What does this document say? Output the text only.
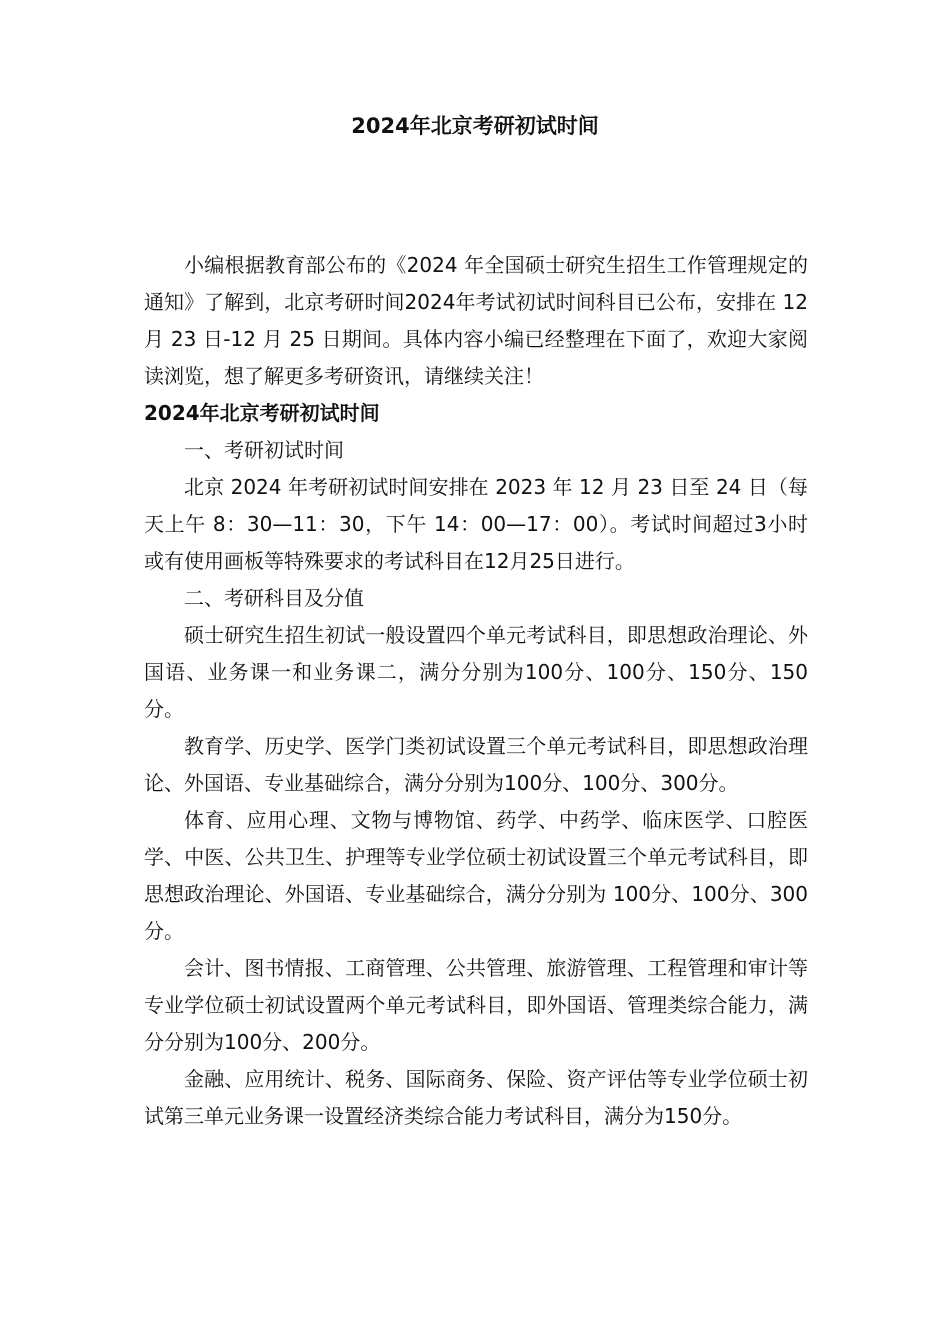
2024年北京考研初试时间

小编根据教育部公布的《2024 年全国硕士研究生招生工作管理规定的通知》了解到，北京考研时间2024年考试初试时间科目已公布，安排在 12 月 23 日-12 月 25 日期间。具体内容小编已经整理在下面了，欢迎大家阅读浏览，想了解更多考研资讯，请继续关注！

2024年北京考研初试时间

一、考研初试时间

北京 2024 年考研初试时间安排在 2023 年 12 月 23 日至 24 日（每天上午 8：30—11：30，下午 14：00—17：00）。考试时间超过3小时或有使用画板等特殊要求的考试科目在12月25日进行。

二、考研科目及分值

硕士研究生招生初试一般设置四个单元考试科目，即思想政治理论、外国语、业务课一和业务课二，满分分别为100分、100分、150分、150分。

教育学、历史学、医学门类初试设置三个单元考试科目，即思想政治理论、外国语、专业基础综合，满分分别为100分、100分、300分。

体育、应用心理、文物与博物馆、药学、中药学、临床医学、口腔医学、中医、公共卫生、护理等专业学位硕士初试设置三个单元考试科目，即思想政治理论、外国语、专业基础综合，满分分别为 100分、100分、300分。

会计、图书情报、工商管理、公共管理、旅游管理、工程管理和审计等专业学位硕士初试设置两个单元考试科目，即外国语、管理类综合能力，满分分别为100分、200分。

金融、应用统计、税务、国际商务、保险、资产评估等专业学位硕士初试第三单元业务课一设置经济类综合能力考试科目，满分为150分。
